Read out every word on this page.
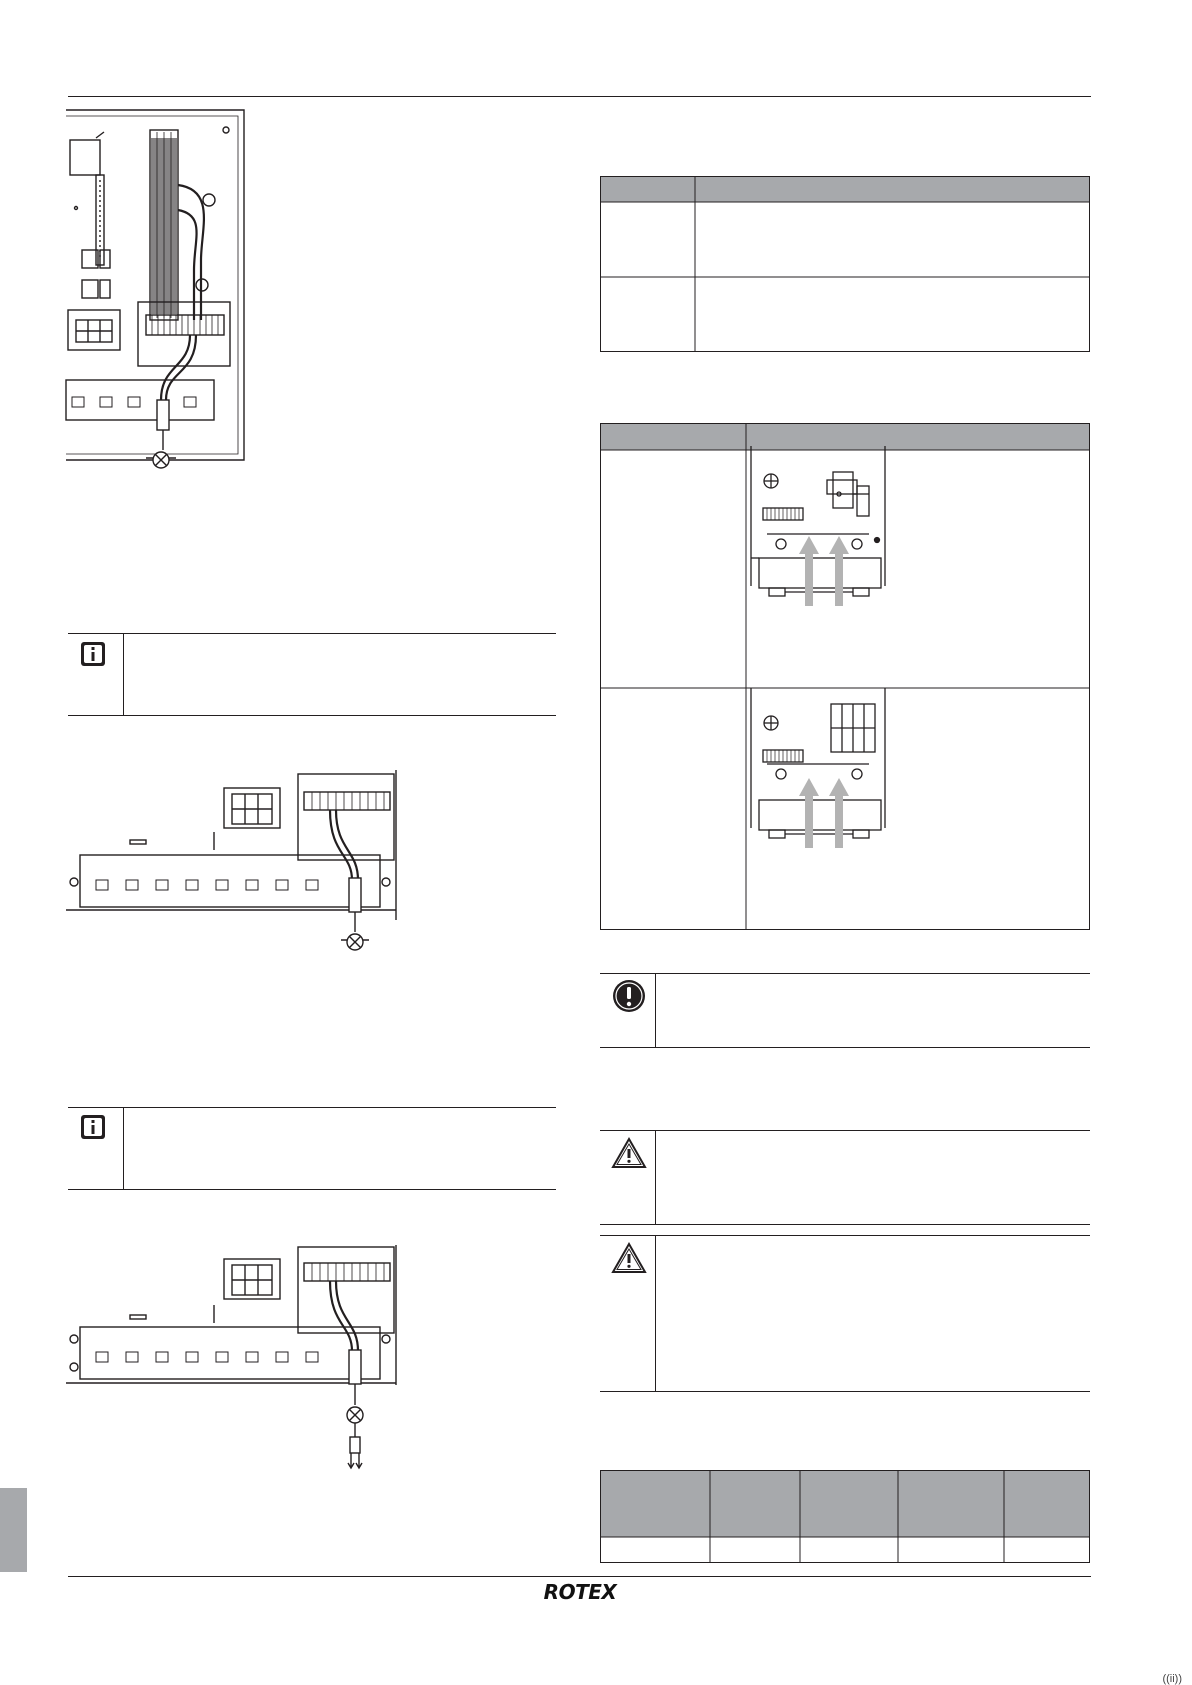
ROTEX
((ii))
